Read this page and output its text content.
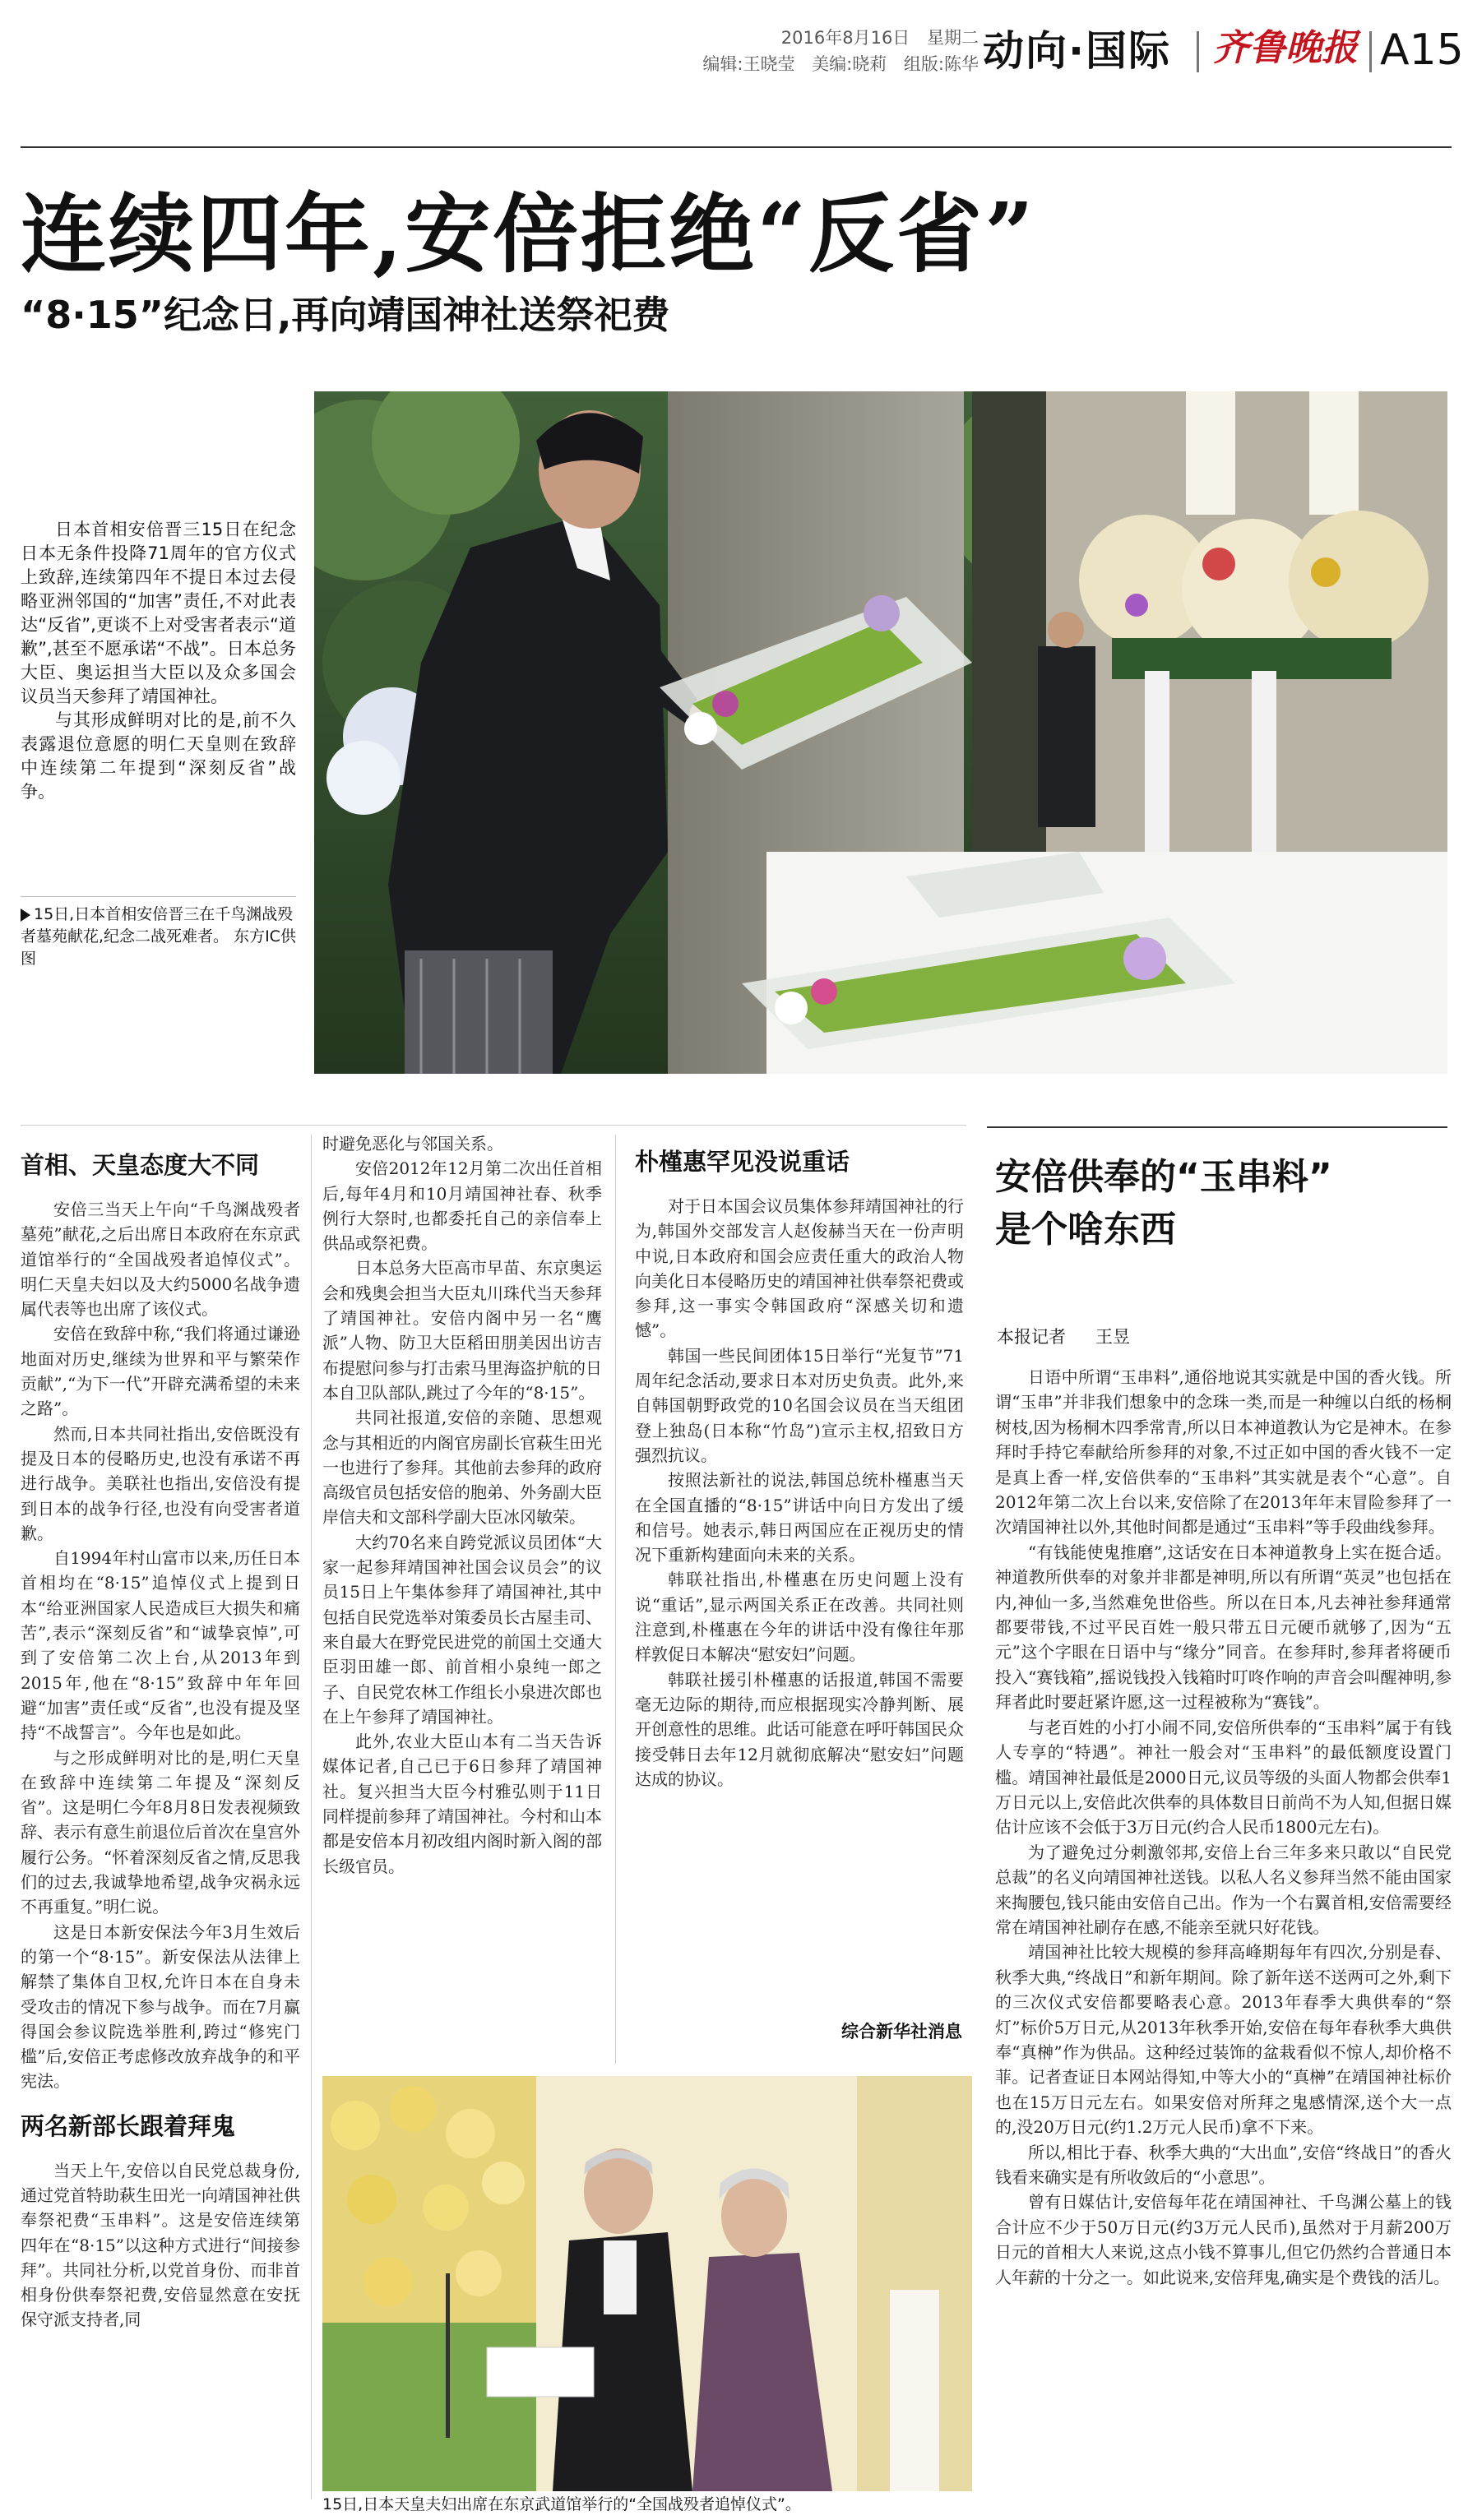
2016年8月16日 星期二
编辑:王晓莹 美编:晓莉 组版:陈华 动向·国际	齐鲁晚报 A15
连续四年,安倍拒绝“反省”
“8·15”纪念日,再向靖国神社送祭祀费

日本首相安倍晋三15日在纪念日本无条件投降71周年的官方仪式上致辞,连续第四年不提日本过去侵略亚洲邻国的“加害”责任,不对此表达“反省”,更谈不上对受害者表示“道歉”,甚至不愿承诺“不战”。日本总务大臣、奥运担当大臣以及众多国会议员当天参拜了靖国神社。

与其形成鲜明对比的是,前不久表露退位意愿的明仁天皇则在致辞中连续第二年提到“深刻反省”战争。

15日,日本首相安倍晋三在千鸟渊战殁者墓苑献花,纪念二战死难者。 东方IC供图
首相、天皇态度大不同

安倍三当天上午向“千鸟渊战殁者墓苑”献花,之后出席日本政府在东京武道馆举行的“全国战殁者追悼仪式”。明仁天皇夫妇以及大约5000名战争遗属代表等也出席了该仪式。

安倍在致辞中称,“我们将通过谦逊地面对历史,继续为世界和平与繁荣作贡献”,“为下一代”开辟充满希望的未来之路”。

然而,日本共同社指出,安倍既没有提及日本的侵略历史,也没有承诺不再进行战争。美联社也指出,安倍没有提到日本的战争行径,也没有向受害者道歉。

自1994年村山富市以来,历任日本首相均在“8·15”追悼仪式上提到日本“给亚洲国家人民造成巨大损失和痛苦”,表示“深刻反省”和“诚挚哀悼”,可到了安倍第二次上台,从2013年到2015年,他在“8·15”致辞中年年回避“加害”责任或“反省”,也没有提及坚持“不战誓言”。今年也是如此。

与之形成鲜明对比的是,明仁天皇在致辞中连续第二年提及“深刻反省”。这是明仁今年8月8日发表视频致辞、表示有意生前退位后首次在皇宫外履行公务。“怀着深刻反省之情,反思我们的过去,我诚挚地希望,战争灾祸永远不再重复。”明仁说。

这是日本新安保法今年3月生效后的第一个“8·15”。新安保法从法律上解禁了集体自卫权,允许日本在自身未受攻击的情况下参与战争。而在7月赢得国会参议院选举胜利,跨过“修宪门槛”后,安倍正考虑修改放弃战争的和平宪法。

两名新部长跟着拜鬼

当天上午,安倍以自民党总裁身份,通过党首特助萩生田光一向靖国神社供奉祭祀费“玉串料”。这是安倍连续第四年在“8·15”以这种方式进行“间接参拜”。共同社分析,以党首身份、而非首相身份供奉祭祀费,安倍显然意在安抚保守派支持者,同

时避免恶化与邻国关系。

安倍2012年12月第二次出任首相后,每年4月和10月靖国神社春、秋季例行大祭时,也都委托自己的亲信奉上供品或祭祀费。

日本总务大臣高市早苗、东京奥运会和残奥会担当大臣丸川珠代当天参拜了靖国神社。安倍内阁中另一名“鹰派”人物、防卫大臣稻田朋美因出访吉布提慰问参与打击索马里海盗护航的日本自卫队部队,跳过了今年的“8·15”。

共同社报道,安倍的亲随、思想观念与其相近的内阁官房副长官萩生田光一也进行了参拜。其他前去参拜的政府高级官员包括安倍的胞弟、外务副大臣岸信夫和文部科学副大臣冰冈敏荣。

大约70名来自跨党派议员团体“大家一起参拜靖国神社国会议员会”的议员15日上午集体参拜了靖国神社,其中包括自民党选举对策委员长古屋圭司、来自最大在野党民进党的前国土交通大臣羽田雄一郎、前首相小泉纯一郎之子、自民党农林工作组长小泉进次郎也在上午参拜了靖国神社。

此外,农业大臣山本有二当天告诉媒体记者,自己已于6日参拜了靖国神社。复兴担当大臣今村雅弘则于11日同样提前参拜了靖国神社。今村和山本都是安倍本月初改组内阁时新入阁的部长级官员。

朴槿惠罕见没说重话

对于日本国会议员集体参拜靖国神社的行为,韩国外交部发言人赵俊赫当天在一份声明中说,日本政府和国会应责任重大的政治人物向美化日本侵略历史的靖国神社供奉祭祀费或参拜,这一事实令韩国政府“深感关切和遗憾”。

韩国一些民间团体15日举行“光复节”71周年纪念活动,要求日本对历史负责。此外,来自韩国朝野政党的10名国会议员在当天组团登上独岛(日本称“竹岛”)宣示主权,招致日方强烈抗议。

按照法新社的说法,韩国总统朴槿惠当天在全国直播的“8·15”讲话中向日方发出了缓和信号。她表示,韩日两国应在正视历史的情况下重新构建面向未来的关系。

韩联社指出,朴槿惠在历史问题上没有说“重话”,显示两国关系正在改善。共同社则注意到,朴槿惠在今年的讲话中没有像往年那样敦促日本解决“慰安妇”问题。

韩联社援引朴槿惠的话报道,韩国不需要毫无边际的期待,而应根据现实冷静判断、展开创意性的思维。此话可能意在呼吁韩国民众接受韩日去年12月就彻底解决“慰安妇”问题达成的协议。

综合新华社消息
15日,日本天皇夫妇出席在东京武道馆举行的“全国战殁者追悼仪式”。
安倍供奉的“玉串料”
是个啥东西
本报记者 王昱

日语中所谓“玉串料”,通俗地说其实就是中国的香火钱。所谓“玉串”并非我们想象中的念珠一类,而是一种缠以白纸的杨桐树枝,因为杨桐木四季常青,所以日本神道教认为它是神木。在参拜时手持它奉献给所参拜的对象,不过正如中国的香火钱不一定是真上香一样,安倍供奉的“玉串料”其实就是表个“心意”。自2012年第二次上台以来,安倍除了在2013年年末冒险参拜了一次靖国神社以外,其他时间都是通过“玉串料”等手段曲线参拜。

“有钱能使鬼推磨”,这话安在日本神道教身上实在挺合适。神道教所供奉的对象并非都是神明,所以有所谓“英灵”也包括在内,神仙一多,当然难免世俗些。所以在日本,凡去神社参拜通常都要带钱,不过平民百姓一般只带五日元硬币就够了,因为“五元”这个字眼在日语中与“缘分”同音。在参拜时,参拜者将硬币投入“赛钱箱”,摇说钱投入钱箱时叮咚作响的声音会叫醒神明,参拜者此时要赶紧许愿,这一过程被称为“赛钱”。

与老百姓的小打小闹不同,安倍所供奉的“玉串料”属于有钱人专享的“特遇”。神社一般会对“玉串料”的最低额度设置门槛。靖国神社最低是2000日元,议员等级的头面人物都会供奉1万日元以上,安倍此次供奉的具体数目日前尚不为人知,但据日媒估计应该不会低于3万日元(约合人民币1800元左右)。

为了避免过分刺激邻邦,安倍上台三年多来只敢以“自民党总裁”的名义向靖国神社送钱。以私人名义参拜当然不能由国家来掏腰包,钱只能由安倍自己出。作为一个右翼首相,安倍需要经常在靖国神社刷存在感,不能亲至就只好花钱。

靖国神社比较大规模的参拜高峰期每年有四次,分别是春、秋季大典,“终战日”和新年期间。除了新年送不送两可之外,剩下的三次仪式安倍都要略表心意。2013年春季大典供奉的“祭灯”标价5万日元,从2013年秋季开始,安倍在每年春秋季大典供奉“真榊”作为供品。这种经过装饰的盆栽看似不惊人,却价格不菲。记者查证日本网站得知,中等大小的“真榊”在靖国神社标价也在15万日元左右。如果安倍对所拜之鬼感情深,送个大一点的,没20万日元(约1.2万元人民币)拿不下来。

所以,相比于春、秋季大典的“大出血”,安倍“终战日”的香火钱看来确实是有所收敛后的“小意思”。

曾有日媒估计,安倍每年花在靖国神社、千鸟渊公墓上的钱合计应不少于50万日元(约3万元人民币),虽然对于月薪200万日元的首相大人来说,这点小钱不算事儿,但它仍然约合普通日本人年薪的十分之一。如此说来,安倍拜鬼,确实是个费钱的活儿。
